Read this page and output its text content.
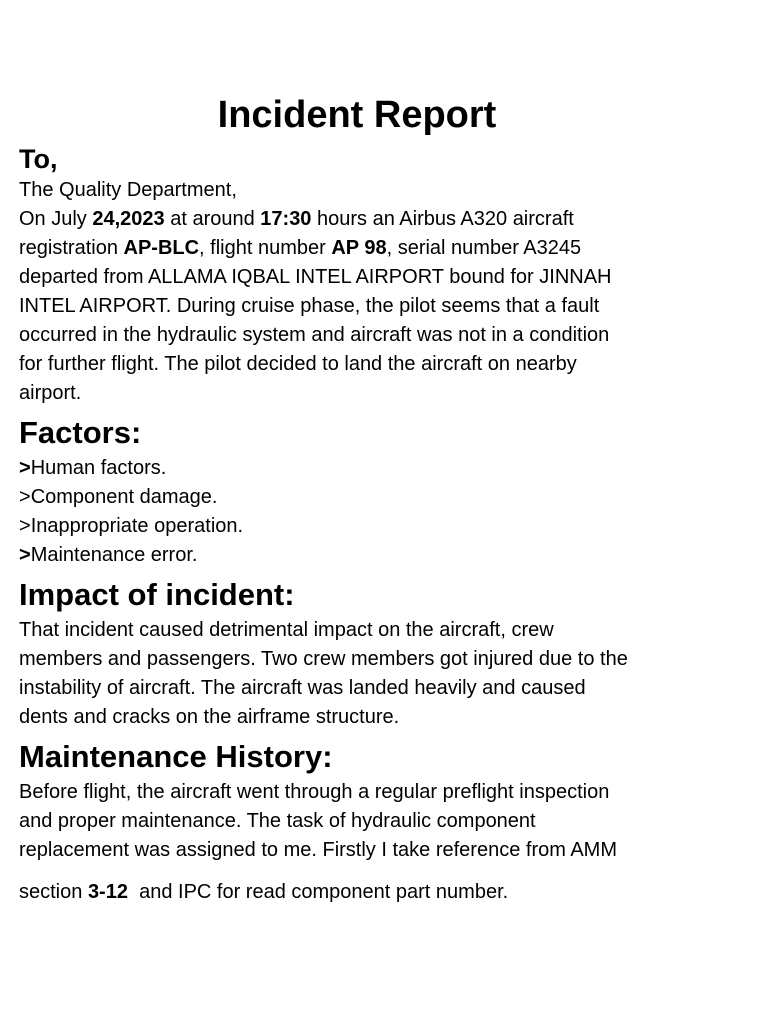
Incident Report
To,
The Quality Department,
On July 24,2023 at around 17:30 hours an Airbus A320 aircraft
registration AP-BLC, flight number AP 98, serial number A3245
departed from ALLAMA IQBAL INTEL AIRPORT bound for JINNAH
INTEL AIRPORT. During cruise phase, the pilot seems that a fault
occurred in the hydraulic system and aircraft was not in a condition
for further flight. The pilot decided to land the aircraft on nearby
airport.
Factors:
>Human factors.
>Component damage.
>Inappropriate operation.
>Maintenance error.
Impact of incident:
That incident caused detrimental impact on the aircraft, crew
members and passengers. Two crew members got injured due to the
instability of aircraft. The aircraft was landed heavily and caused
dents and cracks on the airframe structure.
Maintenance History:
Before flight, the aircraft went through a regular preflight inspection
and proper maintenance. The task of hydraulic component
replacement was assigned to me. Firstly I take reference from AMM
section 3-12  and IPC for read component part number.
